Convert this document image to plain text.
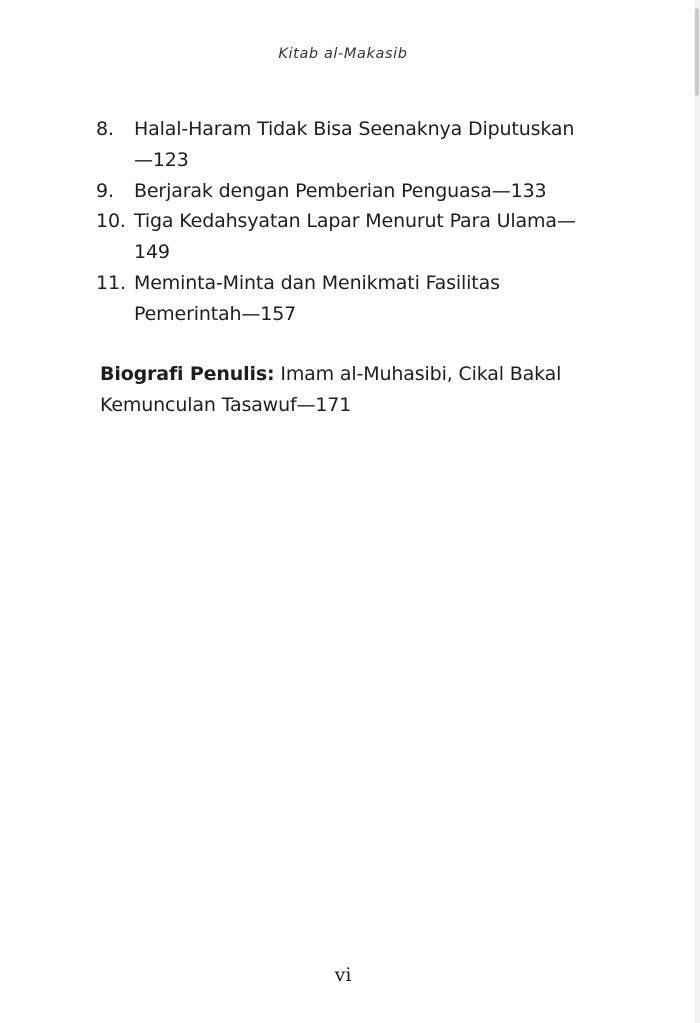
Kitab al-Makasib
8. Halal-Haram Tidak Bisa Seenaknya Diputuskan—123
9. Berjarak dengan Pemberian Penguasa—133
10. Tiga Kedahsyatan Lapar Menurut Para Ulama—149
11. Meminta-Minta dan Menikmati Fasilitas Pemerintah—157

Biografi Penulis: Imam al-Muhasibi, Cikal Bakal Kemunculan Tasawuf—171

vi
